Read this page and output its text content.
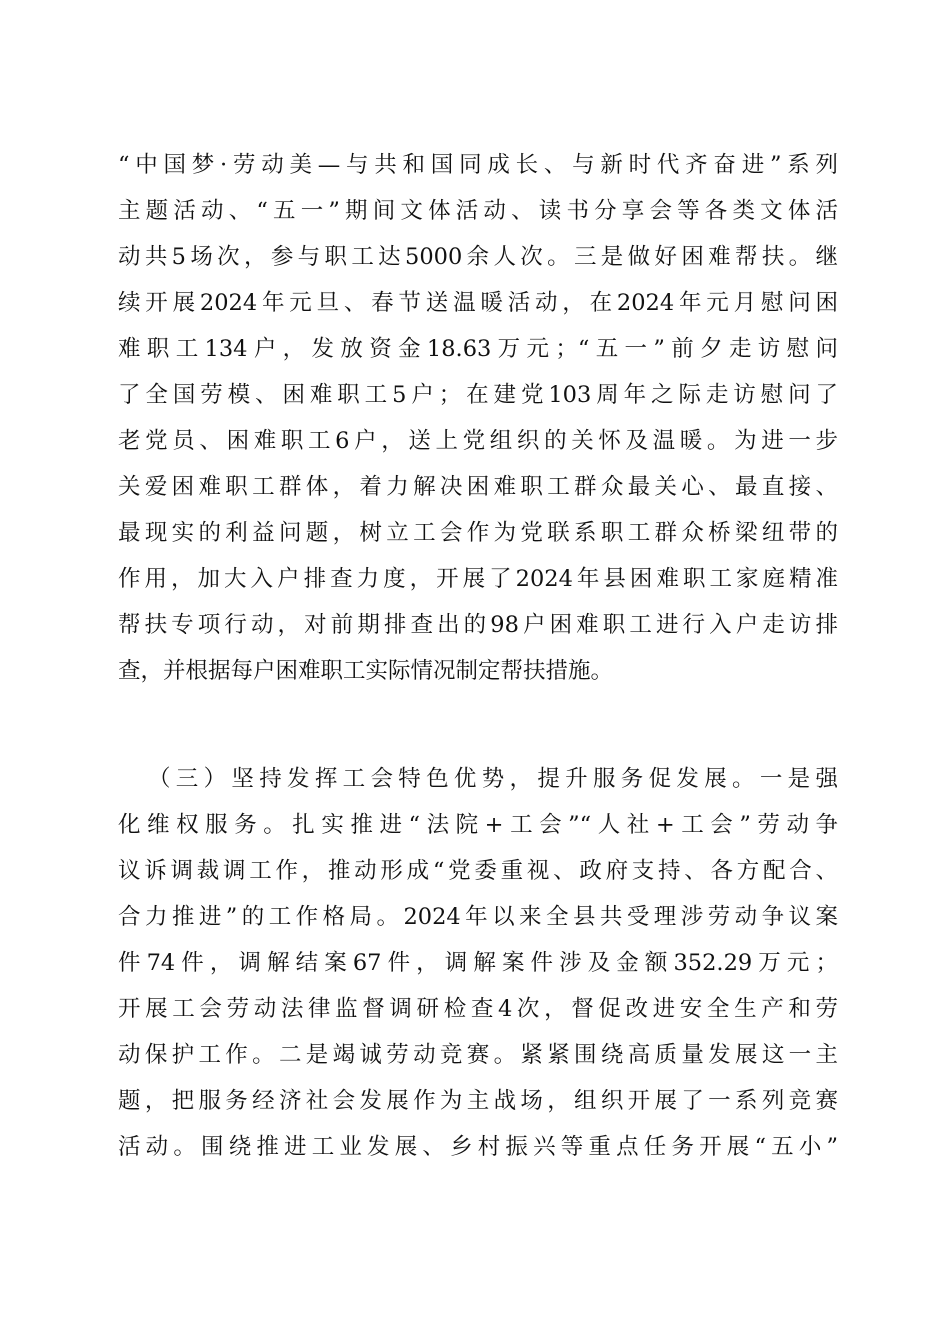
“中国梦·劳动美—与共和国同成长、与新时代齐奋进”系列
主题活动、“五一”期间文体活动、读书分享会等各类文体活
动共5场次，参与职工达5000余人次。三是做好困难帮扶。继
续开展2024年元旦、春节送温暖活动，在2024年元月慰问困
难职工134户，发放资金18.63万元；“五一”前夕走访慰问
了全国劳模、困难职工5户；在建党103周年之际走访慰问了
老党员、困难职工6户，送上党组织的关怀及温暖。为进一步
关爱困难职工群体，着力解决困难职工群众最关心、最直接、
最现实的利益问题，树立工会作为党联系职工群众桥梁纽带的
作用，加大入户排查力度，开展了2024年县困难职工家庭精准
帮扶专项行动，对前期排查出的98户困难职工进行入户走访排
查，并根据每户困难职工实际情况制定帮扶措施。
（三）坚持发挥工会特色优势，提升服务促发展。一是强
化维权服务。扎实推进“法院+工会”“人社+工会”劳动争
议诉调裁调工作，推动形成“党委重视、政府支持、各方配合、
合力推进”的工作格局。2024年以来全县共受理涉劳动争议案
件74件，调解结案67件，调解案件涉及金额352.29万元；
开展工会劳动法律监督调研检查4次，督促改进安全生产和劳
动保护工作。二是竭诚劳动竞赛。紧紧围绕高质量发展这一主
题，把服务经济社会发展作为主战场，组织开展了一系列竞赛
活动。围绕推进工业发展、乡村振兴等重点任务开展“五小”
